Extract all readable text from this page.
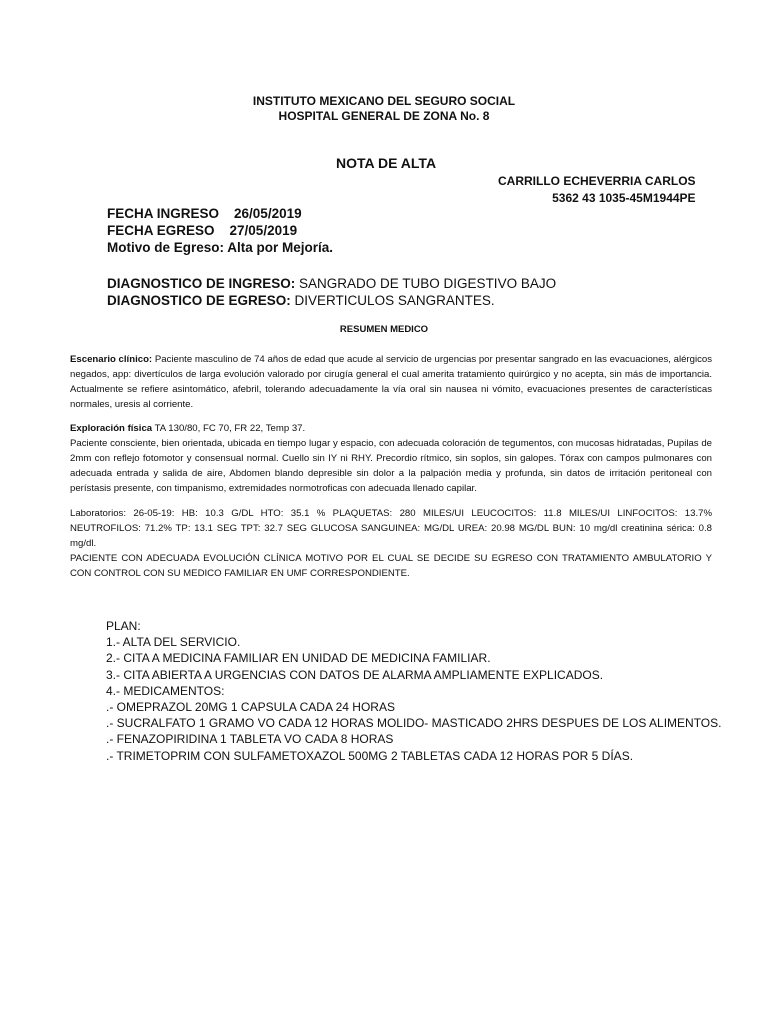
INSTITUTO MEXICANO DEL SEGURO SOCIAL
HOSPITAL GENERAL DE ZONA No. 8
NOTA DE ALTA
CARRILLO ECHEVERRIA CARLOS
5362 43 1035-45M1944PE
FECHA INGRESO 26/05/2019
FECHA EGRESO 27/05/2019
Motivo de Egreso: Alta por Mejoría.
DIAGNOSTICO DE INGRESO: SANGRADO DE TUBO DIGESTIVO BAJO
DIAGNOSTICO DE EGRESO: DIVERTICULOS SANGRANTES.
RESUMEN MEDICO

Escenario clínico: Paciente masculino de 74 años de edad que acude al servicio de urgencias por presentar sangrado en las evacuaciones, alérgicos negados, app: divertículos de larga evolución valorado por cirugía general el cual amerita tratamiento quirúrgico y no acepta, sin más de importancia. Actualmente se refiere asintomático, afebril, tolerando adecuadamente la vía oral sin nausea ni vómito, evacuaciones presentes de características normales, uresis al corriente.

Exploración física TA 130/80, FC 70, FR 22, Temp 37.
Paciente consciente, bien orientada, ubicada en tiempo lugar y espacio, con adecuada coloración de tegumentos, con mucosas hidratadas, Pupilas de 2mm con reflejo fotomotor y consensual normal. Cuello sin IY ni RHY. Precordio rítmico, sin soplos, sin galopes. Tórax con campos pulmonares con adecuada entrada y salida de aire, Abdomen blando depresible sin dolor a la palpación media y profunda, sin datos de irritación peritoneal con perístasis presente, con timpanismo, extremidades normotroficas con adecuada llenado capilar.

Laboratorios: 26-05-19: HB: 10.3 G/DL HTO: 35.1 % PLAQUETAS: 280 MILES/UI LEUCOCITOS: 11.8 MILES/UI LINFOCITOS: 13.7% NEUTROFILOS: 71.2% TP: 13.1 SEG TPT: 32.7 SEG GLUCOSA SANGUINEA: MG/DL UREA: 20.98 MG/DL BUN: 10 mg/dl creatinina sérica: 0.8 mg/dl.

PACIENTE CON ADECUADA EVOLUCIÓN CLÍNICA MOTIVO POR EL CUAL SE DECIDE SU EGRESO CON TRATAMIENTO AMBULATORIO Y CON CONTROL CON SU MEDICO FAMILIAR EN UMF CORRESPONDIENTE.

PLAN:
1.- ALTA DEL SERVICIO.
2.- CITA A MEDICINA FAMILIAR EN UNIDAD DE MEDICINA FAMILIAR.
3.- CITA ABIERTA A URGENCIAS CON DATOS DE ALARMA AMPLIAMENTE EXPLICADOS.
4.- MEDICAMENTOS:
.- OMEPRAZOL 20MG 1 CAPSULA CADA 24 HORAS
.- SUCRALFATO 1 GRAMO VO CADA 12 HORAS MOLIDO- MASTICADO 2HRS DESPUES DE LOS ALIMENTOS.
.- FENAZOPIRIDINA 1 TABLETA VO CADA 8 HORAS
.- TRIMETOPRIM CON SULFAMETOXAZOL 500MG 2 TABLETAS CADA 12 HORAS POR 5 DÍAS.
